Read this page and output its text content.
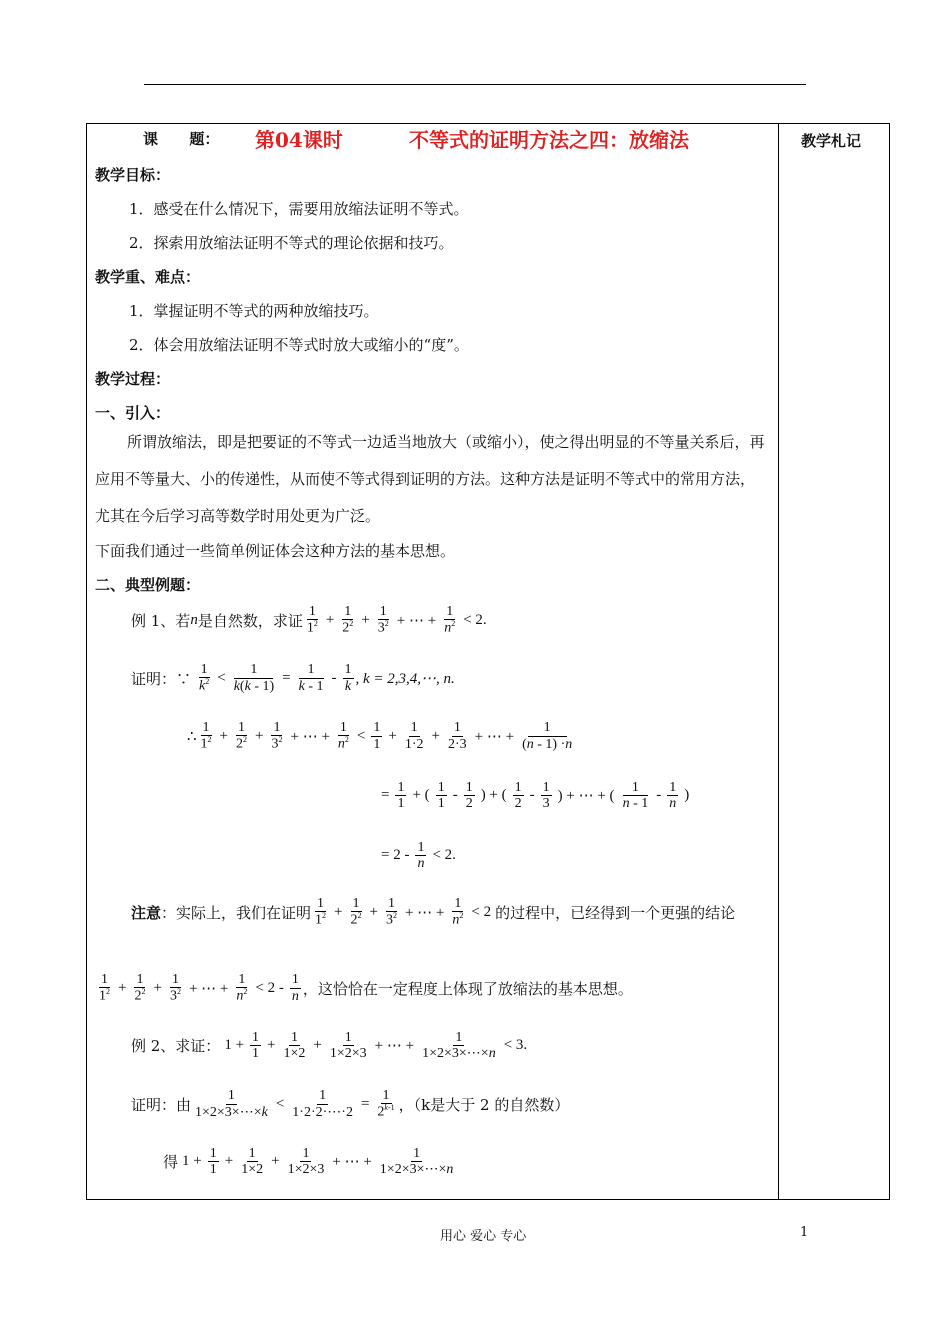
教学札记
课      题： 第04课时	不等式的证明方法之四：放缩法
教学目标：
1．感受在什么情况下，需要用放缩法证明不等式。
2．探索用放缩法证明不等式的理论依据和技巧。
教学重、难点：
1．掌握证明不等式的两种放缩技巧。
2．体会用放缩法证明不等式时放大或缩小的“度”。
教学过程：
一、引入：
所谓放缩法，即是把要证的不等式一边适当地放大（或缩小），使之得出明显的不等量关系后，再应用不等量大、小的传递性，从而使不等式得到证明的方法。这种方法是证明不等式中的常用方法，尤其在今后学习高等数学时用处更为广泛。
下面我们通过一些简单例证体会这种方法的基本思想。
二、典型例题：
例 1、若 n 是自然数，求证 $\frac{1}{1^2} + \frac{1}{2^2} + \frac{1}{3^2}$ + ⋯ + $\frac{1}{n^2} < 2$.
证明：∵ $\frac{1}{k^2} < \frac{1}{k(k - 1)} = \frac{1}{k - 1} - \frac{1}{k}$ , k = 2,3,4,⋯, n.
∴ $\frac{1}{1^2} + \frac{1}{2^2} + \frac{1}{3^2}$ + ⋯ + $\frac{1}{n^2} < \frac{1}{1} + \frac{1}{1\cdot 2} + \frac{1}{2\cdot 3}$ + ⋯ + $\frac{1}{(n - 1) \cdot n}$
= $\frac{1}{1}$ + ( $\frac{1}{1} - \frac{1}{2}$ ) + ( $\frac{1}{2} - \frac{1}{3}$ ) + ⋯ + ( $\frac{1}{n - 1} - \frac{1}{n}$ )
= $2 - \frac{1}{n} < 2$.
注意 ：实际上，我们在证明 $\frac{1}{1^2} + \frac{1}{2^2} + \frac{1}{3^2}$ + ⋯ + $\frac{1}{n^2} < 2$ 的过程中，已经得到一个更强的结论
$\frac{1}{1^2} + \frac{1}{2^2} + \frac{1}{3^2}$ + ⋯ + $\frac{1}{n^2} < 2 - \frac{1}{n}$ ，这恰恰在一定程度上体现了放缩法的基本思想。
例 2、求证： $1 + \frac{1}{1} + \frac{1}{1\times 2} + \frac{1}{1\times 2\times 3}$ + ⋯ + $\frac{1}{1\times 2\times 3\times\cdots\times n} < 3$.
证明：由 $\frac{1}{1\times 2\times 3\times\cdots\times k} < \frac{1}{1\cdot 2\cdot 2\cdot\cdots\cdot 2} = \frac{1}{2^{k-1}}$ ，（k是大于 2 的自然数）
得 $1 + \frac{1}{1} + \frac{1}{1\times 2} + \frac{1}{1\times 2\times 3}$ + ⋯ + $\frac{1}{1\times 2\times 3\times\cdots\times n}$
用心 爱心 专心	1
